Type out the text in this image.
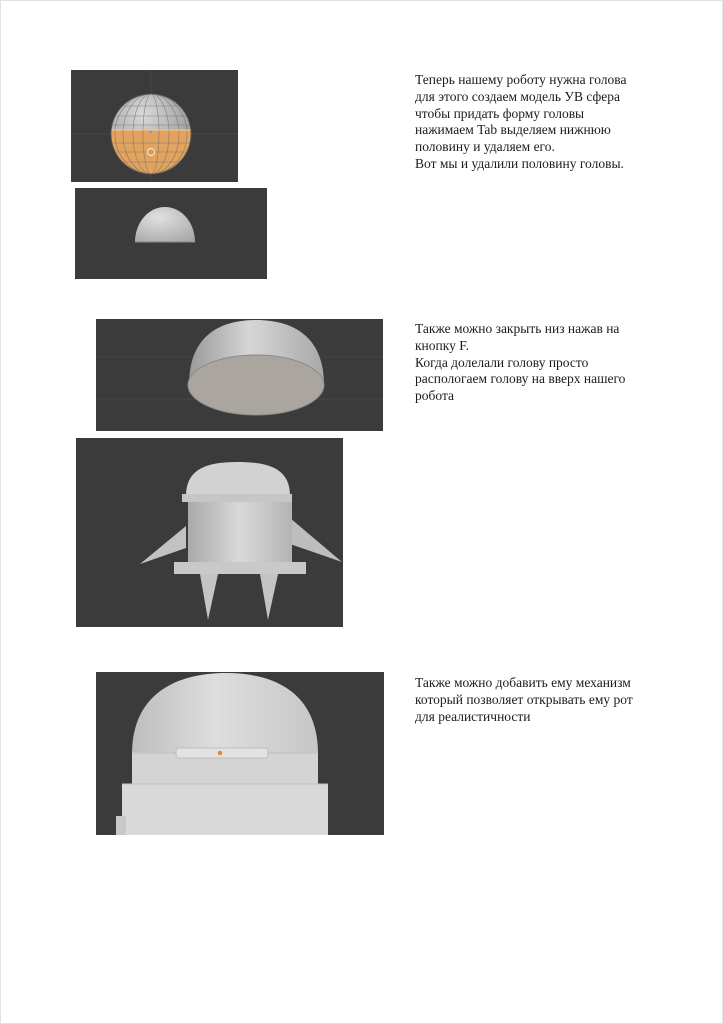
Теперь нашему роботу нужна голова
для этого создаем модель УВ сфера
чтобы придать форму головы
нажимаем Tab выделяем нижнюю
половину и удаляем его.
Вот мы и удалили половину головы.
Также можно закрыть низ нажав на
кнопку F.
Когда долелали голову просто
распологаем голову на вверх нашего
робота
Также можно добавить ему механизм
который позволяет открывать ему рот
для реалистичности
